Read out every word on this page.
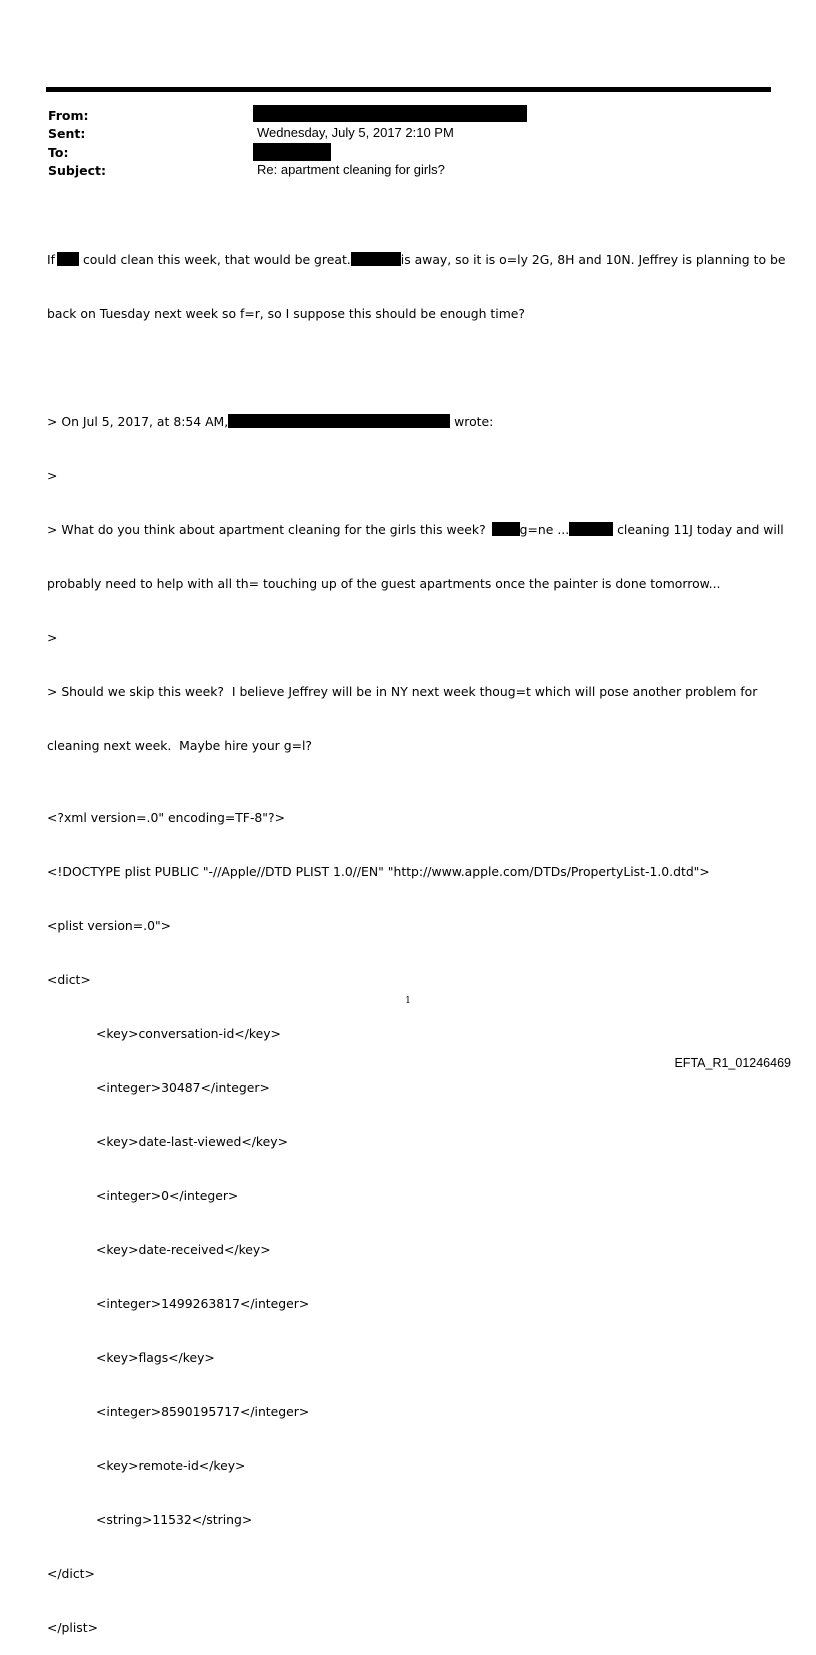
From:
Sent:	Wednesday, July 5, 2017 2:10 PM
To:
Subject:	Re: apartment cleaning for girls?

If could clean this week, that would be great.	is away, so it is o=ly 2G, 8H and 10N. Jeffrey is planning to be

back on Tuesday next week so f=r, so I suppose this should be enough time?

> On Jul 5, 2017, at 8:54 AM,	wrote:

>

> What do you think about apartment cleaning for the girls this week?	g=ne ...	cleaning 11J today and will

probably need to help with all th= touching up of the guest apartments once the painter is done tomorrow...

>

> Should we skip this week?  I believe Jeffrey will be in NY next week thoug=t which will pose another problem for

cleaning next week.  Maybe hire your g=l?

<?xml version=.0" encoding=TF-8"?>

<!DOCTYPE plist PUBLIC "-//Apple//DTD PLIST 1.0//EN" "http://www.apple.com/DTDs/PropertyList-1.0.dtd">

<plist version=.0">

<dict>

<key>conversation-id</key>

<integer>30487</integer>

<key>date-last-viewed</key>

<integer>0</integer>

<key>date-received</key>

<integer>1499263817</integer>

<key>flags</key>

<integer>8590195717</integer>

<key>remote-id</key>

<string>11532</string>

</dict>

</plist>

1
EFTA_R1_01246469
